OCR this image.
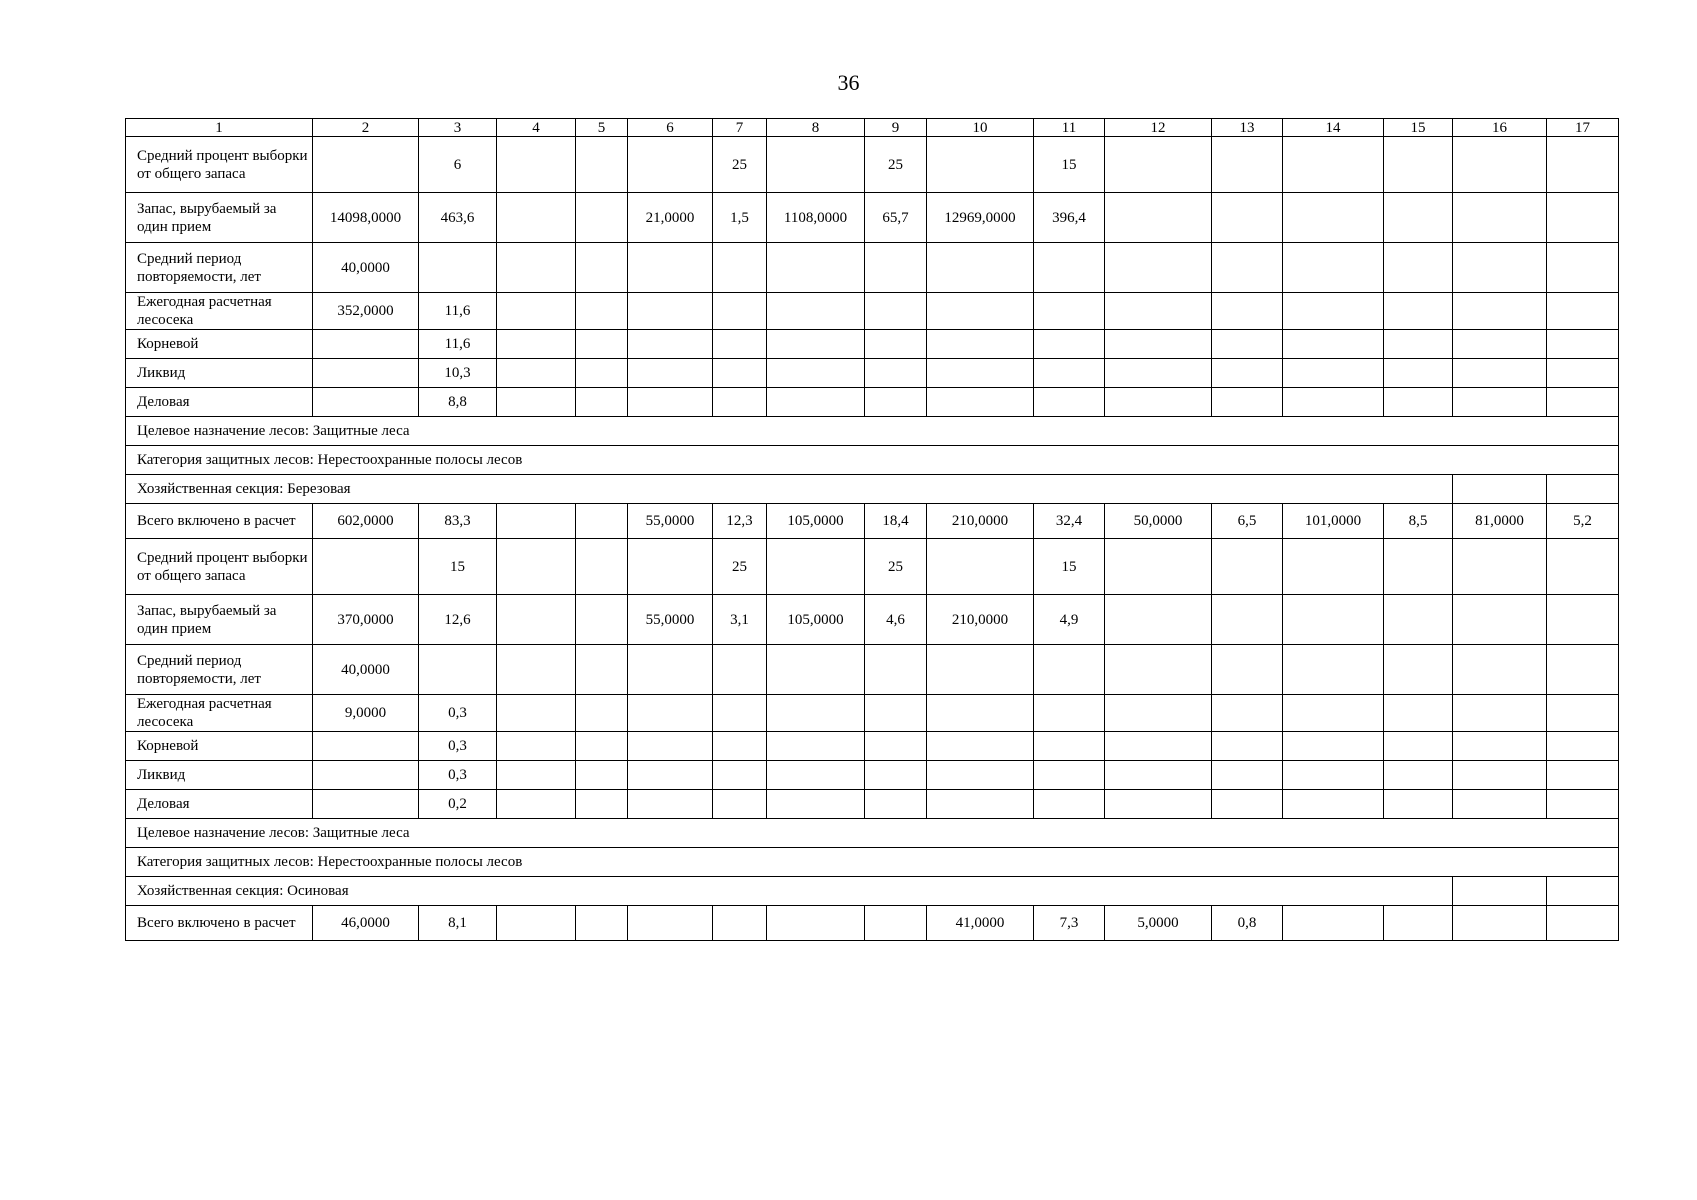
36
1	2	3	4	5	6	7	8	9	10	11	12	13	14	15	16	17
Средний процент выборки от общего запаса		6				25		25		15						
Запас, вырубаемый за один прием	14098,0000	463,6			21,0000	1,5	1108,0000	65,7	12969,0000	396,4						
Средний период повторяемости, лет	40,0000															
Ежегодная расчетная лесосека	352,0000	11,6														
Корневой		11,6														
Ликвид		10,3														
Деловая		8,8														
Целевое назначение лесов: Защитные леса																
Категория защитных лесов: Нерестоохранные полосы лесов																
Хозяйственная секция: Березовая																
Всего включено в расчет	602,0000	83,3			55,0000	12,3	105,0000	18,4	210,0000	32,4	50,0000	6,5	101,0000	8,5	81,0000	5,2
Средний процент выборки от общего запаса		15				25		25		15						
Запас, вырубаемый за один прием	370,0000	12,6			55,0000	3,1	105,0000	4,6	210,0000	4,9						
Средний период повторяемости, лет	40,0000															
Ежегодная расчетная лесосека	9,0000	0,3														
Корневой		0,3														
Ликвид		0,3														
Деловая		0,2														
Целевое назначение лесов: Защитные леса																
Категория защитных лесов: Нерестоохранные полосы лесов																
Хозяйственная секция: Осиновая																
Всего включено в расчет	46,0000	8,1							41,0000	7,3	5,0000	0,8				
